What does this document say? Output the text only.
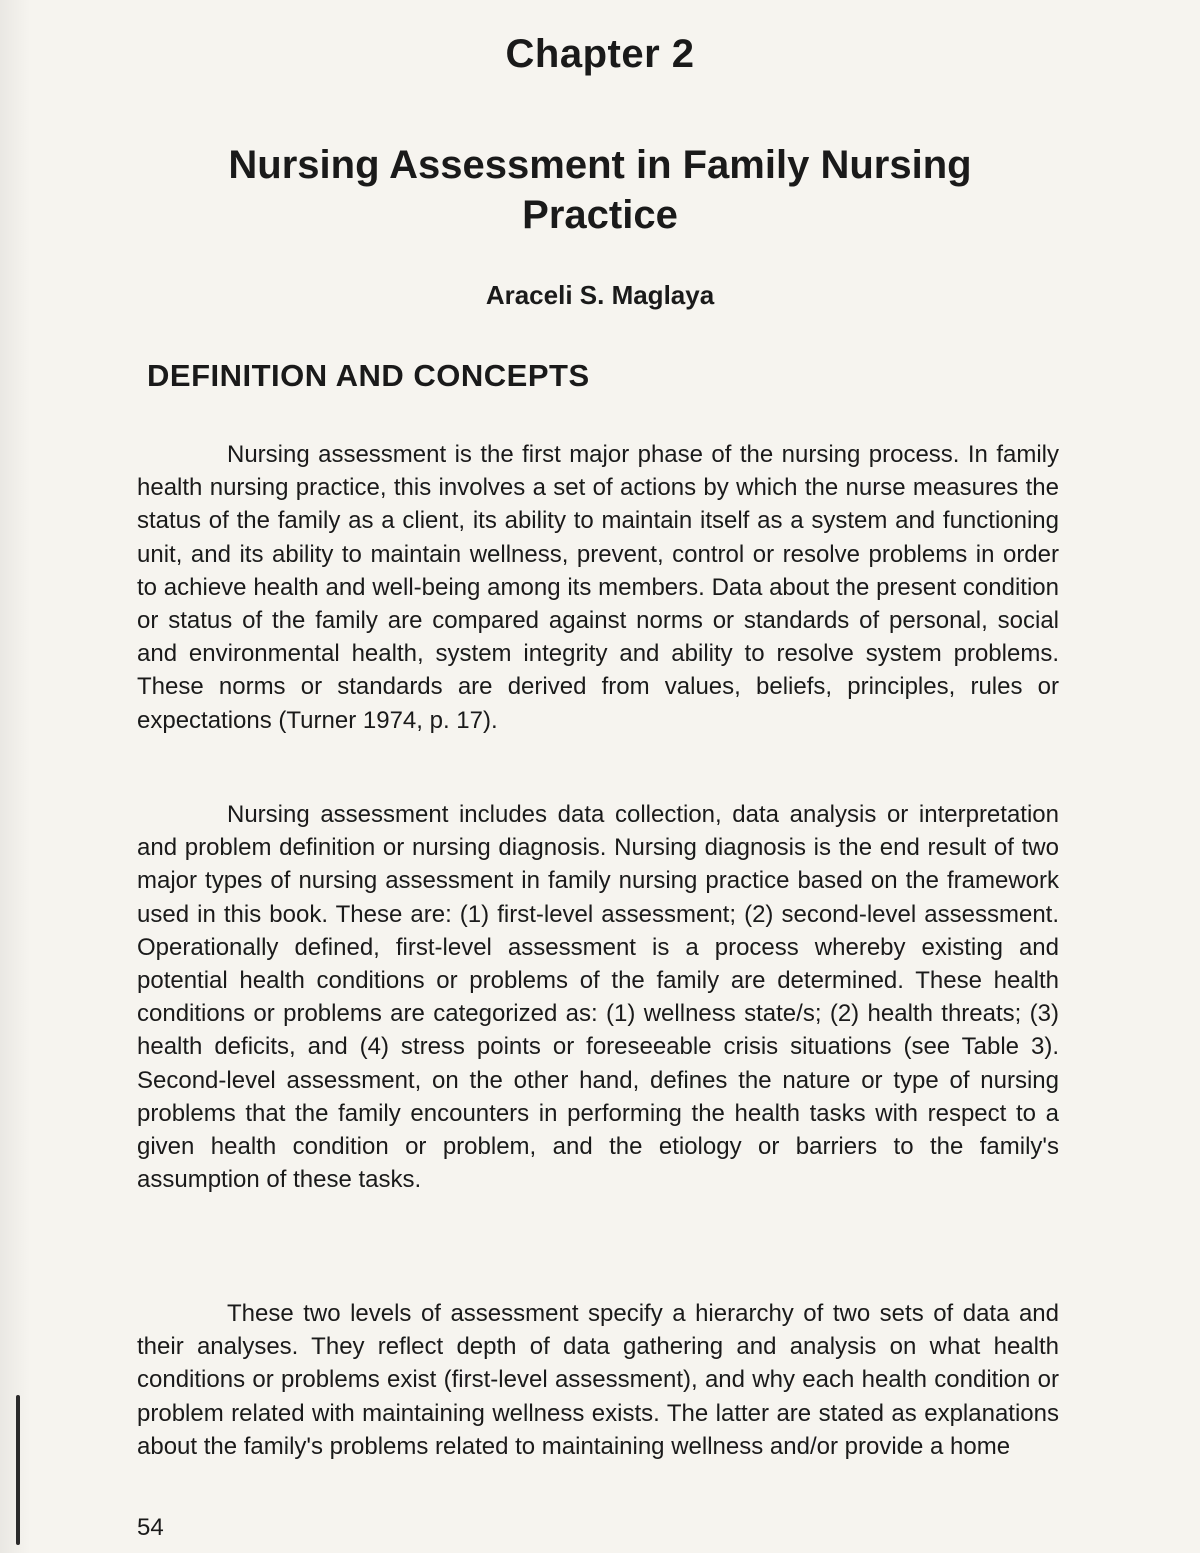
Chapter 2
Nursing Assessment in Family Nursing Practice

Araceli S. Maglaya

DEFINITION AND CONCEPTS

Nursing assessment is the first major phase of the nursing process. In family health nursing practice, this involves a set of actions by which the nurse measures the status of the family as a client, its ability to maintain itself as a system and functioning unit, and its ability to maintain wellness, prevent, control or resolve problems in order to achieve health and well-being among its members. Data about the present condition or status of the family are compared against norms or standards of personal, social and environmental health, system integrity and ability to resolve system problems. These norms or standards are derived from values, beliefs, principles, rules or expectations (Turner 1974, p. 17).

Nursing assessment includes data collection, data analysis or interpretation and problem definition or nursing diagnosis. Nursing diagnosis is the end result of two major types of nursing assessment in family nursing practice based on the framework used in this book. These are: (1) first-level assessment; (2) second-level assessment. Operationally defined, first-level assessment is a process whereby existing and potential health conditions or problems of the family are determined. These health conditions or problems are categorized as: (1) wellness state/s; (2) health threats; (3) health deficits, and (4) stress points or foreseeable crisis situations (see Table 3). Second-level assessment, on the other hand, defines the nature or type of nursing problems that the family encounters in performing the health tasks with respect to a given health condition or problem, and the etiology or barriers to the family's assumption of these tasks.

These two levels of assessment specify a hierarchy of two sets of data and their analyses. They reflect depth of data gathering and analysis on what health conditions or problems exist (first-level assessment), and why each health condition or problem related with maintaining wellness exists. The latter are stated as explanations about the family's problems related to maintaining wellness and/or provide a home

54
